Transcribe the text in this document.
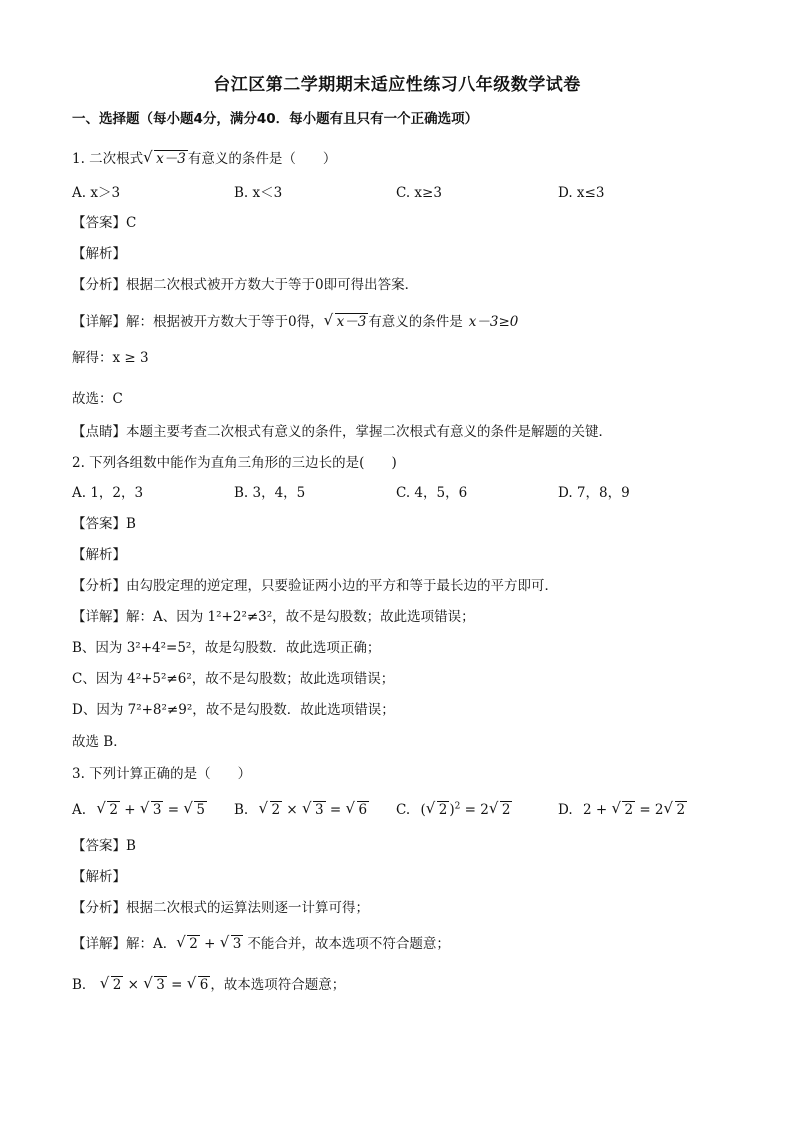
台江区第二学期期末适应性练习八年级数学试卷
一、选择题（每小题4分，满分40．每小题有且只有一个正确选项）
1. 二次根式 √ x－3 有意义的条件是（　　）
A. x＞3	B. x＜3	C. x≥3	D. x≤3
【答案】C
【解析】
【分析】根据二次根式被开方数大于等于0即可得出答案．
【详解】解：根据被开方数大于等于0得， √ x－3 有意义的条件是 x－3≥0
解得：x ≥ 3
故选：C
【点睛】本题主要考查二次根式有意义的条件，掌握二次根式有意义的条件是解题的关键．
2. 下列各组数中能作为直角三角形的三边长的是(　　)
A. 1，2，3	B. 3，4，5	C. 4，5，6	D. 7，8，9
【答案】B
【解析】
【分析】由勾股定理的逆定理，只要验证两小边的平方和等于最长边的平方即可．
【详解】解：A、因为 1²+2²≠3²，故不是勾股数；故此选项错误；
B、因为 3²+4²=5²，故是勾股数．故此选项正确；
C、因为 4²+5²≠6²，故不是勾股数；故此选项错误；
D、因为 7²+8²≠9²，故不是勾股数．故此选项错误；
故选 B．
3. 下列计算正确的是（　　）
A. √ 2 + √ 3 = √ 5 B. √ 2 × √ 3 = √ 6 C. ( √ 2 )$^2$ = 2 √ 2	D. 2 + √ 2 = 2 √ 2
【答案】B
【解析】
【分析】根据二次根式的运算法则逐一计算可得；
【详解】解：A． √ 2 + √ 3 不能合并，故本选项不符合题意；
B． √ 2 × √ 3 = √ 6 ，故本选项符合题意；
